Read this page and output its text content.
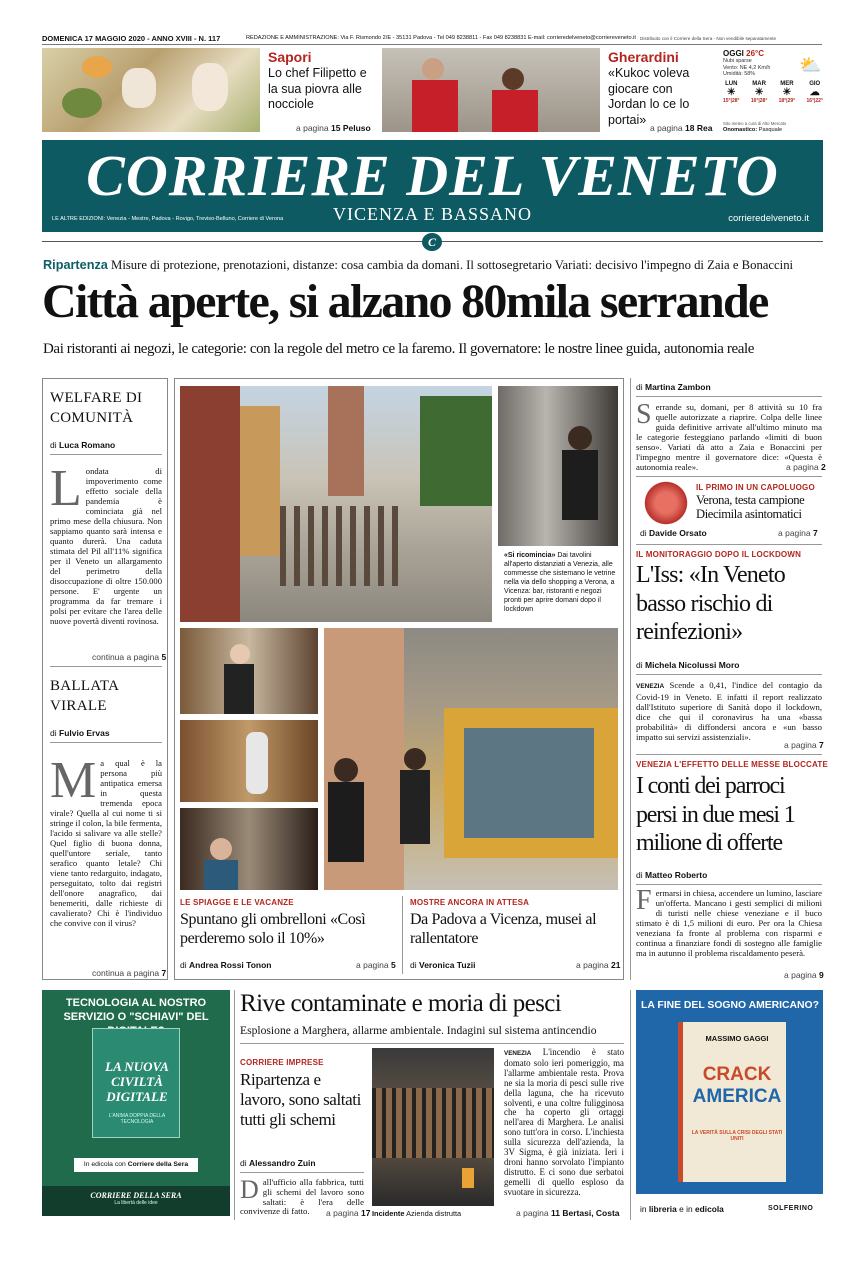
DOMENICA 17 MAGGIO 2020 - ANNO XVIII - N. 117	REDAZIONE E AMMINISTRAZIONE: Via F. Rismondo 2/E - 35131 Padova - Tel 049 8238811 - Fax 049 8238831 E-mail: corrieredelveneto@corriereveneto.it Distribuito con il Corriere della Sera - Non vendibile separatamente
Sapori
Lo chef Filipetto e la sua piovra alle nocciole
a pagina 15 Peluso
Gherardini
«Kukoc voleva giocare con Jordan lo ce lo portai»
a pagina 18 Rea
OGGI 26°C
Nubi sparse
Vento: NE 4,2 Km/h
Umidità: 58%	⛅
LUN
☀
15°|28°
MAR
☀
16°|28°
MER
☀
18°|29°
GIO
☁
16°|22°
Sito meteo a cura di Alto Mercato
Onomastico: Pasquale
CORRIERE DEL VENETO
VICENZA E BASSANO
LE ALTRE EDIZIONI: Venezia - Mestre, Padova - Rovigo, Treviso-Belluno, Corriere di Verona	corrieredelveneto.it
C
Ripartenza Misure di protezione, prenotazioni, distanze: cosa cambia da domani. Il sottosegretario Variati: decisivo l'impegno di Zaia e Bonaccini
Città aperte, si alzano 80mila serrande
Dai ristoranti ai negozi, le categorie: con la regole del metro ce la faremo. Il governatore: le nostre linee guida, autonomia reale
WELFARE DI COMUNITÀ
di Luca Romano
Londata di impoverimento come effetto sociale della pandemia è cominciata già nel primo mese della chiusura. Non sappiamo quanto sarà intensa e quanto durerà. Una caduta stimata del Pil all'11% significa per il Veneto un allargamento del perimetro della disoccupazione di oltre 150.000 persone. E' urgente un programma da far tremare i polsi per evitare che l'area delle nuove povertà diventi rovinosa.
continua a pagina 5
BALLATA VIRALE
di Fulvio Ervas
Ma qual è la persona più antipatica emersa in questa tremenda epoca virale? Quella al cui nome ti si stringe il colon, la bile fermenta, l'acido si salivare va alle stelle? Quel figlio di buona donna, quell'untore seriale, tanto serafico quanto letale? Chi viene tanto redarguito, indagato, perseguitato, tolto dai registri dell'onore anagrafico, dai benemeriti, dalle richieste di cavalierato? Chi è l'individuo che convive con il virus?
continua a pagina 7
«Si ricomincia» Dai tavolini all'aperto distanziati a Venezia, alle commesse che sistemano le vetrine nella via dello shopping a Verona, a Vicenza: bar, ristoranti e negozi pronti per aprire domani dopo il lockdown
LE SPIAGGE E LE VACANZE
Spuntano gli ombrelloni «Così perderemo solo il 10%»
di Andrea Rossi Tonon	a pagina 5
MOSTRE ANCORA IN ATTESA
Da Padova a Vicenza, musei al rallentatore
di Veronica Tuzii	a pagina 21
di Martina Zambon
Serrande su, domani, per 8 attività su 10 fra quelle autorizzate a riaprire. Colpa delle linee guida definitive arrivate all'ultimo minuto ma le categorie festeggiano parlando «limiti di buon senso». Variati dà atto a Zaia e Bonaccini per l'impegno mentre il governatore dice: «Questa è autonomia reale».	a pagina 2
IL PRIMO IN UN CAPOLUOGO
Verona, testa campione Diecimila asintomatici
di Davide Orsato	a pagina 7
IL MONITORAGGIO DOPO IL LOCKDOWN
L'Iss: «In Veneto basso rischio di reinfezioni»
di Michela Nicolussi Moro
VENEZIA Scende a 0,41, l'indice del contagio da Covid-19 in Veneto. E infatti il report realizzato dall'Istituto superiore di Sanità dopo il lockdown, dice che qui il coronavirus ha una «bassa probabilità» di diffondersi ancora e «un basso impatto sui servizi assistenziali».
a pagina 7
VENEZIA L'EFFETTO DELLE MESSE BLOCCATE
I conti dei parroci persi in due mesi 1 milione di offerte
di Matteo Roberto
Fermarsi in chiesa, accendere un lumino, lasciare un'offerta. Mancano i gesti semplici di milioni di turisti nelle chiese veneziane e il buco stimato è di 1,5 milioni di euro. Per ora la Chiesa veneziana fa fronte al problema con risparmi e continua a finanziare fondi di sostegno alle famiglie ma in autunno il problema riscaldamento peserà.
a pagina 9
TECNOLOGIA AL NOSTRO SERVIZIO O "SCHIAVI" DEL
LA NUOVA CIVILTÀ DIGITALE
L'ANIMA DOPPIA DELLA TECNOLOGIA
In edicola con Corriere della Sera
CORRIERE DELLA SERA
La libertà delle idee
Rive contaminate e moria di pesci
Esplosione a Marghera, allarme ambientale. Indagini sul sistema antincendio
CORRIERE IMPRESE
Ripartenza e lavoro, sono saltati tutti gli schemi
di Alessandro Zuin
Dall'ufficio alla fabbrica, tutti gli schemi del lavoro sono saltati: è l'era delle convivenze di fatto.	a pagina 17 Incidente Azienda distrutta
VENEZIA L'incendio è stato domato solo ieri pomeriggio, ma l'allarme ambientale resta. Prova ne sia la moria di pesci sulle rive della laguna, che ha ricevuto solventi, e una coltre fuligginosa che ha coperto gli ortaggi nell'area di Marghera. Le analisi sono tutt'ora in corso. L'inchiesta sulla sicurezza dell'azienda, la 3V Sigma, è già iniziata. Ieri i droni hanno sorvolato l'impianto distrutto. E ci sono due serbatoi gemelli di quello esploso da svuotare in sicurezza.
a pagina 11 Bertasi, Costa
LA FINE DEL SOGNO AMERICANO?
MASSIMO GAGGI
CRACK
AMERICA
LA VERITÀ SULLA CRISI DEGLI STATI UNITI
in libreria e in edicola	SOLFERINO
